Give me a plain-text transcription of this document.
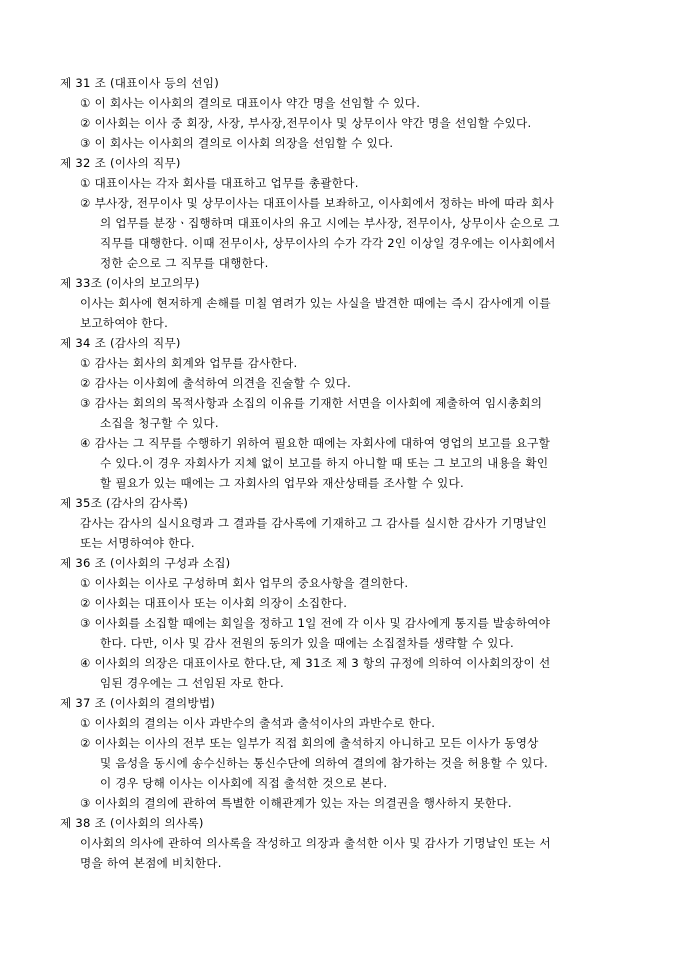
제 31 조 (대표이사 등의 선임)
① 이 회사는 이사회의 결의로 대표이사 약간 명을 선임할 수 있다.
② 이사회는 이사 중 회장, 사장, 부사장,전무이사 및 상무이사 약간 명을 선임할 수있다.
③ 이 회사는 이사회의 결의로 이사회 의장을 선임할 수 있다.
제 32 조 (이사의 직무)
① 대표이사는 각자 회사를 대표하고 업무를 총괄한다.
② 부사장, 전무이사 및 상무이사는 대표이사를 보좌하고, 이사회에서 정하는 바에 따라 회사
의 업무를 분장ㆍ집행하며 대표이사의 유고 시에는 부사장, 전무이사, 상무이사 순으로 그
직무를 대행한다. 이때 전무이사, 상무이사의 수가 각각 2인 이상일 경우에는 이사회에서
정한 순으로 그 직무를 대행한다.
제 33조 (이사의 보고의무)
이사는 회사에 현저하게 손해를 미칠 염려가 있는 사실을 발견한 때에는 즉시 감사에게 이를
보고하여야 한다.
제 34 조 (감사의 직무)
① 감사는 회사의 회계와 업무를 감사한다.
② 감사는 이사회에 출석하여 의견을 진술할 수 있다.
③ 감사는 회의의 목적사항과 소집의 이유를 기재한 서면을 이사회에 제출하여 임시총회의
소집을 청구할 수 있다.
④ 감사는 그 직무를 수행하기 위하여 필요한 때에는 자회사에 대하여 영업의 보고를 요구할
수 있다.이 경우 자회사가 지체 없이 보고를 하지 아니할 때 또는 그 보고의 내용을 확인
할 필요가 있는 때에는 그 자회사의 업무와 재산상태를 조사할 수 있다.
제 35조 (감사의 감사록)
감사는 감사의 실시요령과 그 결과를 감사록에 기재하고 그 감사를 실시한 감사가 기명날인
또는 서명하여야 한다.
제 36 조 (이사회의 구성과 소집)
① 이사회는 이사로 구성하며 회사 업무의 중요사항을 결의한다.
② 이사회는 대표이사 또는 이사회 의장이 소집한다.
③ 이사회를 소집할 때에는 회일을 정하고 1일 전에 각 이사 및 감사에게 통지를 발송하여야
한다. 다만, 이사 및 감사 전원의 동의가 있을 때에는 소집절차를 생략할 수 있다.
④ 이사회의 의장은 대표이사로 한다.단, 제 31조 제 3 항의 규정에 의하여 이사회의장이 선
임된 경우에는 그 선임된 자로 한다.
제 37 조 (이사회의 결의방법)
① 이사회의 결의는 이사 과반수의 출석과 출석이사의 과반수로 한다.
② 이사회는 이사의 전부 또는 일부가 직접 회의에 출석하지 아니하고 모든 이사가 동영상
및 음성을 동시에 송수신하는 통신수단에 의하여 결의에 참가하는 것을 허용할 수 있다.
이 경우 당해 이사는 이사회에 직접 출석한 것으로 본다.
③ 이사회의 결의에 관하여 특별한 이해관계가 있는 자는 의결권을 행사하지 못한다.
제 38 조 (이사회의 의사록)
이사회의 의사에 관하여 의사록을 작성하고 의장과 출석한 이사 및 감사가 기명날인 또는 서
명을 하여 본점에 비치한다.
